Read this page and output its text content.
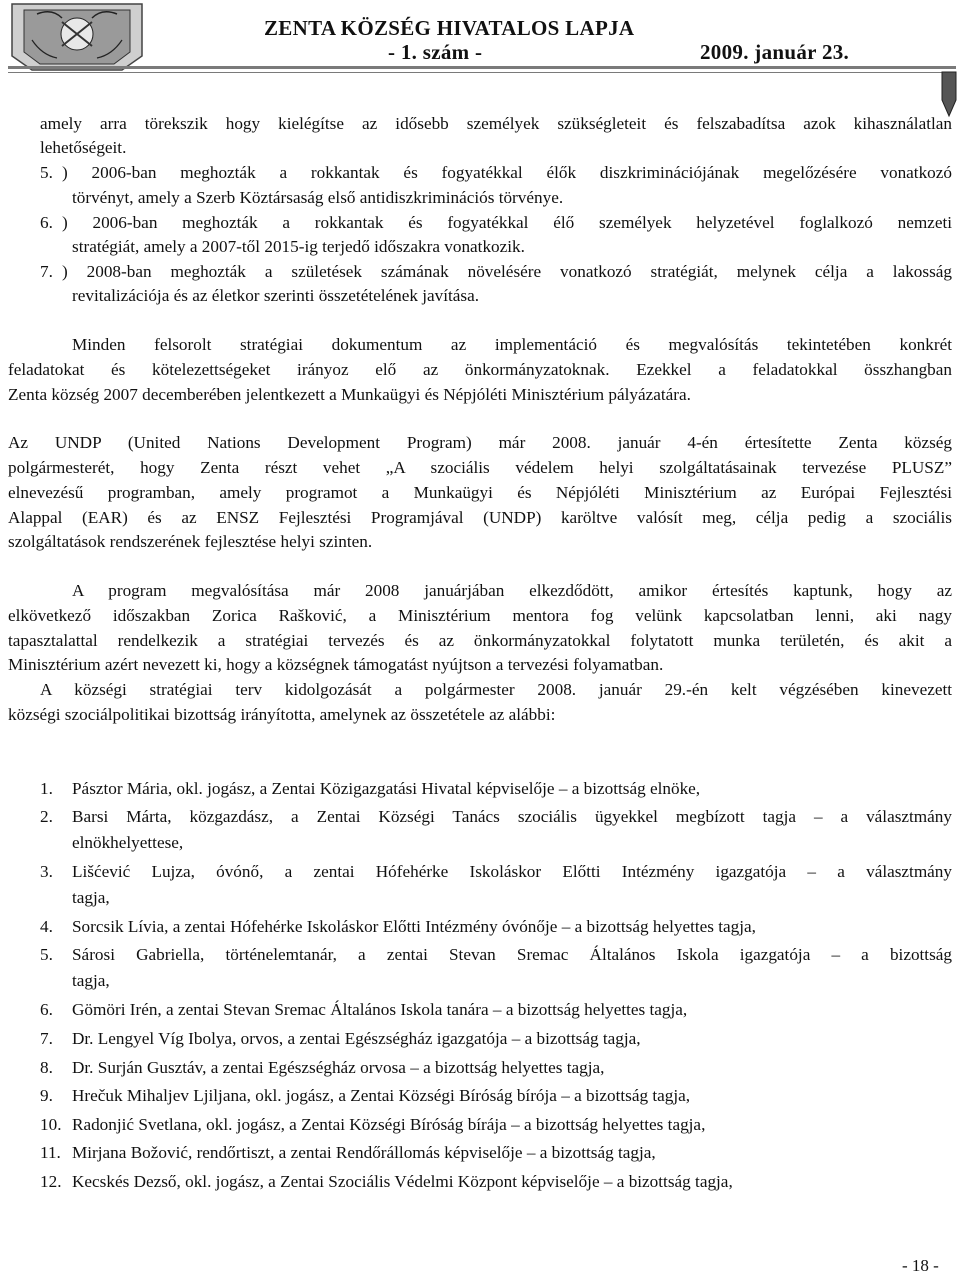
ZENTA KÖZSÉG HIVATALOS LAPJA
- 1. szám -	2009. január 23.
amely arra törekszik hogy kielégítse az idősebb személyek szükségleteit és felszabadítsa azok kihasználatlan
lehetőségeit.
5. ) 2006-ban meghozták a rokkantak és fogyatékkal élők diszkriminációjának megelőzésére vonatkozó
törvényt, amely a Szerb Köztársaság első antidiszkriminációs törvénye.
6. ) 2006-ban meghozták a rokkantak és fogyatékkal élő személyek helyzetével foglalkozó nemzeti
stratégiát, amely a 2007-től 2015-ig terjedő időszakra vonatkozik.
7. ) 2008-ban meghozták a születések számának növelésére vonatkozó stratégiát, melynek célja a lakosság
revitalizációja és az életkor szerinti összetételének javítása.
Minden felsorolt stratégiai dokumentum az implementáció és megvalósítás tekintetében konkrét
feladatokat és kötelezettségeket irányoz elő az önkormányzatoknak. Ezekkel a feladatokkal összhangban
Zenta község 2007 decemberében jelentkezett a Munkaügyi és Népjóléti Minisztérium pályázatára.
Az UNDP (United Nations Development Program) már 2008. január 4-én értesítette Zenta község
polgármesterét, hogy Zenta részt vehet „A szociális védelem helyi szolgáltatásainak tervezése PLUSZ”
elnevezésű programban, amely programot a Munkaügyi és Népjóléti Minisztérium az Európai Fejlesztési
Alappal (EAR) és az ENSZ Fejlesztési Programjával (UNDP) karöltve valósít meg, célja pedig a szociális
szolgáltatások rendszerének fejlesztése helyi szinten.
A program megvalósítása már 2008 januárjában elkezdődött, amikor értesítés kaptunk, hogy az
elkövetkező időszakban Zorica Rašković, a Minisztérium mentora fog velünk kapcsolatban lenni, aki nagy
tapasztalattal rendelkezik a stratégiai tervezés és az önkormányzatokkal folytatott munka területén, és akit a
Minisztérium azért nevezett ki, hogy a községnek támogatást nyújtson a tervezési folyamatban.
A községi stratégiai terv kidolgozását a polgármester 2008. január 29.-én kelt végzésében kinevezett
községi szociálpolitikai bizottság irányította, amelynek az összetétele az alábbi:
1.	Pásztor Mária, okl. jogász, a Zentai Közigazgatási Hivatal képviselője – a bizottság elnöke,
2.	Barsi Márta, közgazdász, a Zentai Községi Tanács szociális ügyekkel megbízott tagja – a választmány
elnökhelyettese,
3.	Lišćević Lujza, óvónő, a zentai Hófehérke Iskoláskor Előtti Intézmény igazgatója – a választmány
tagja,
4.	Sorcsik Lívia, a zentai Hófehérke Iskoláskor Előtti Intézmény óvónője – a bizottság helyettes tagja,
5.	Sárosi Gabriella, történelemtanár, a zentai Stevan Sremac Általános Iskola igazgatója – a bizottság
tagja,
6.	Gömöri Irén, a zentai Stevan Sremac Általános Iskola tanára – a bizottság helyettes tagja,
7.	Dr. Lengyel Víg Ibolya, orvos, a zentai Egészségház igazgatója – a bizottság tagja,
8.	Dr. Surján Gusztáv, a zentai Egészségház orvosa – a bizottság helyettes tagja,
9.	Hrečuk Mihaljev Ljiljana, okl. jogász, a Zentai Községi Bíróság bírója – a bizottság tagja,
10. Radonjić Svetlana, okl. jogász, a Zentai Községi Bíróság bírája – a bizottság helyettes tagja,
11. Mirjana Božović, rendőrtiszt, a zentai Rendőrállomás képviselője – a bizottság tagja,
12. Kecskés Dezső, okl. jogász, a Zentai Szociális Védelmi Központ képviselője – a bizottság tagja,
- 18 -
